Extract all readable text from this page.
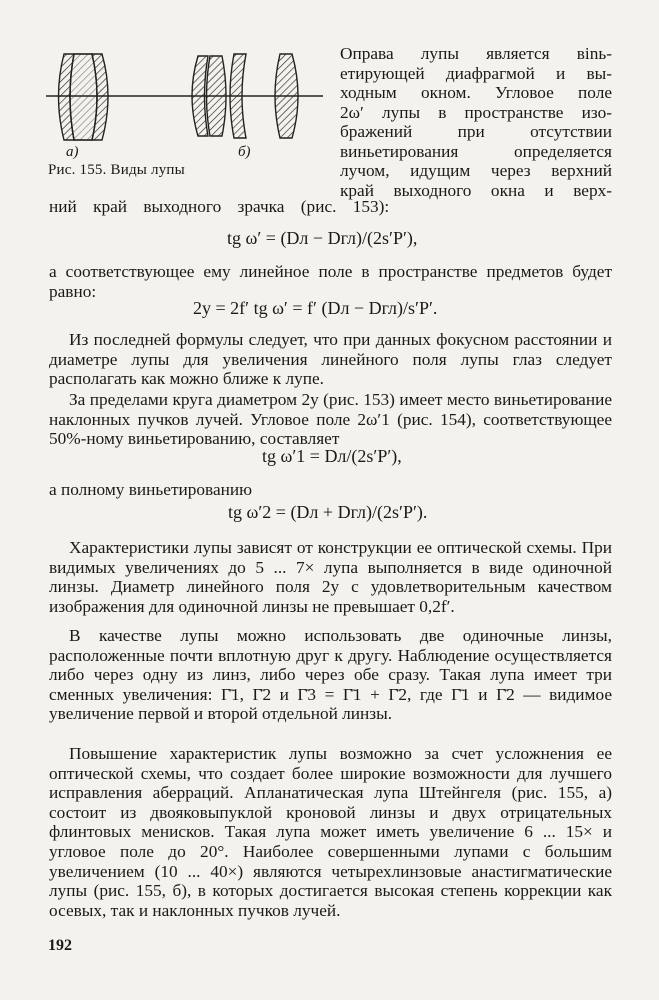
а)	б)
Рис. 155. Виды лупы
Оправа лупы является вinь-
етирующей диафрагмой и вы-
ходным окном. Угловое поле
2ω′ лупы в пространстве изо-
бражений при отсутствии
виньетирования определяется
лучом, идущим через верхний
край выходного окна и верх-
ний край выходного зрачка (рис. 153):
tg ω′ = (Dл − Dгл)/(2s′P′),
а соответствующее ему линейное поле в пространстве предметов будет равно:
2y = 2f′ tg ω′ = f′ (Dл − Dгл)/s′P′.
Из последней формулы следует, что при данных фокусном расстоянии и диаметре лупы для увеличения линейного поля лупы глаз следует располагать как можно ближе к лупе.
За пределами круга диаметром 2y (рис. 153) имеет место виньетирование наклонных пучков лучей. Угловое поле 2ω′1 (рис. 154), соответствующее 50%-ному виньетированию, составляет
tg ω′1 = Dл/(2s′P′),
а полному виньетированию
tg ω′2 = (Dл + Dгл)/(2s′P′).
Характеристики лупы зависят от конструкции ее оптической схемы. При видимых увеличениях до 5 ... 7× лупа выполняется в виде одиночной линзы. Диаметр линейного поля 2y с удовлетворительным качеством изображения для одиночной линзы не превышает 0,2f′.
В качестве лупы можно использовать две одиночные линзы, расположенные почти вплотную друг к другу. Наблюдение осуществляется либо через одну из линз, либо через обе сразу. Такая лупа имеет три сменных увеличения: Γ̄1, Γ̄2 и Γ̄3 = Γ̄1 + Γ̄2, где Γ̄1 и Γ̄2 — видимое увеличение первой и второй отдельной линзы.
Повышение характеристик лупы возможно за счет усложнения ее оптической схемы, что создает более широкие возможности для лучшего исправления аберраций. Апланатическая лупа Штейнгеля (рис. 155, а) состоит из двояковыпуклой кроновой линзы и двух отрицательных флинтовых менисков. Такая лупа может иметь увеличение 6 ... 15× и угловое поле до 20°. Наиболее совершенными лупами с большим увеличением (10 ... 40×) являются четырехлинзовые анастигматические лупы (рис. 155, б), в которых достигается высокая степень коррекции как осевых, так и наклонных пучков лучей.
192
